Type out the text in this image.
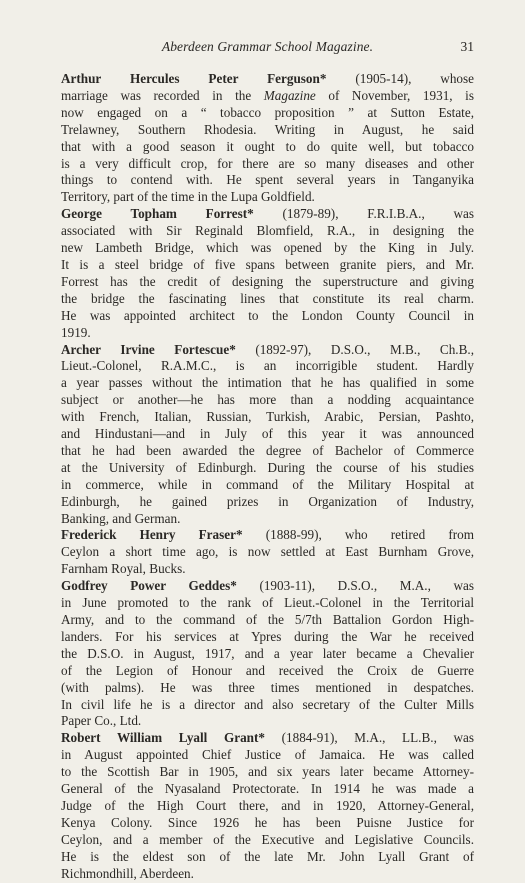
Aberdeen Grammar School Magazine.	31
Arthur Hercules Peter Ferguson* (1905-14), whose
marriage was recorded in the Magazine of November, 1931, is
now engaged on a “ tobacco proposition ” at Sutton Estate,
Trelawney, Southern Rhodesia. Writing in August, he said
that with a good season it ought to do quite well, but tobacco
is a very difficult crop, for there are so many diseases and other
things to contend with. He spent several years in Tanganyika
Territory, part of the time in the Lupa Goldfield.
George Topham Forrest* (1879-89), F.R.I.B.A., was
associated with Sir Reginald Blomfield, R.A., in designing the
new Lambeth Bridge, which was opened by the King in July.
It is a steel bridge of five spans between granite piers, and Mr.
Forrest has the credit of designing the superstructure and giving
the bridge the fascinating lines that constitute its real charm.
He was appointed architect to the London County Council in
1919.
Archer Irvine Fortescue* (1892-97), D.S.O., M.B., Ch.B.,
Lieut.-Colonel, R.A.M.C., is an incorrigible student. Hardly
a year passes without the intimation that he has qualified in some
subject or another—he has more than a nodding acquaintance
with French, Italian, Russian, Turkish, Arabic, Persian, Pashto,
and Hindustani—and in July of this year it was announced
that he had been awarded the degree of Bachelor of Commerce
at the University of Edinburgh. During the course of his studies
in commerce, while in command of the Military Hospital at
Edinburgh, he gained prizes in Organization of Industry,
Banking, and German.
Frederick Henry Fraser* (1888-99), who retired from
Ceylon a short time ago, is now settled at East Burnham Grove,
Farnham Royal, Bucks.
Godfrey Power Geddes* (1903-11), D.S.O., M.A., was
in June promoted to the rank of Lieut.-Colonel in the Territorial
Army, and to the command of the 5/7th Battalion Gordon High-
landers. For his services at Ypres during the War he received
the D.S.O. in August, 1917, and a year later became a Chevalier
of the Legion of Honour and received the Croix de Guerre
(with palms). He was three times mentioned in despatches.
In civil life he is a director and also secretary of the Culter Mills
Paper Co., Ltd.
Robert William Lyall Grant* (1884-91), M.A., LL.B., was
in August appointed Chief Justice of Jamaica. He was called
to the Scottish Bar in 1905, and six years later became Attorney-
General of the Nyasaland Protectorate. In 1914 he was made a
Judge of the High Court there, and in 1920, Attorney-General,
Kenya Colony. Since 1926 he has been Puisne Justice for
Ceylon, and a member of the Executive and Legislative Councils.
He is the eldest son of the late Mr. John Lyall Grant of
Richmondhill, Aberdeen.
